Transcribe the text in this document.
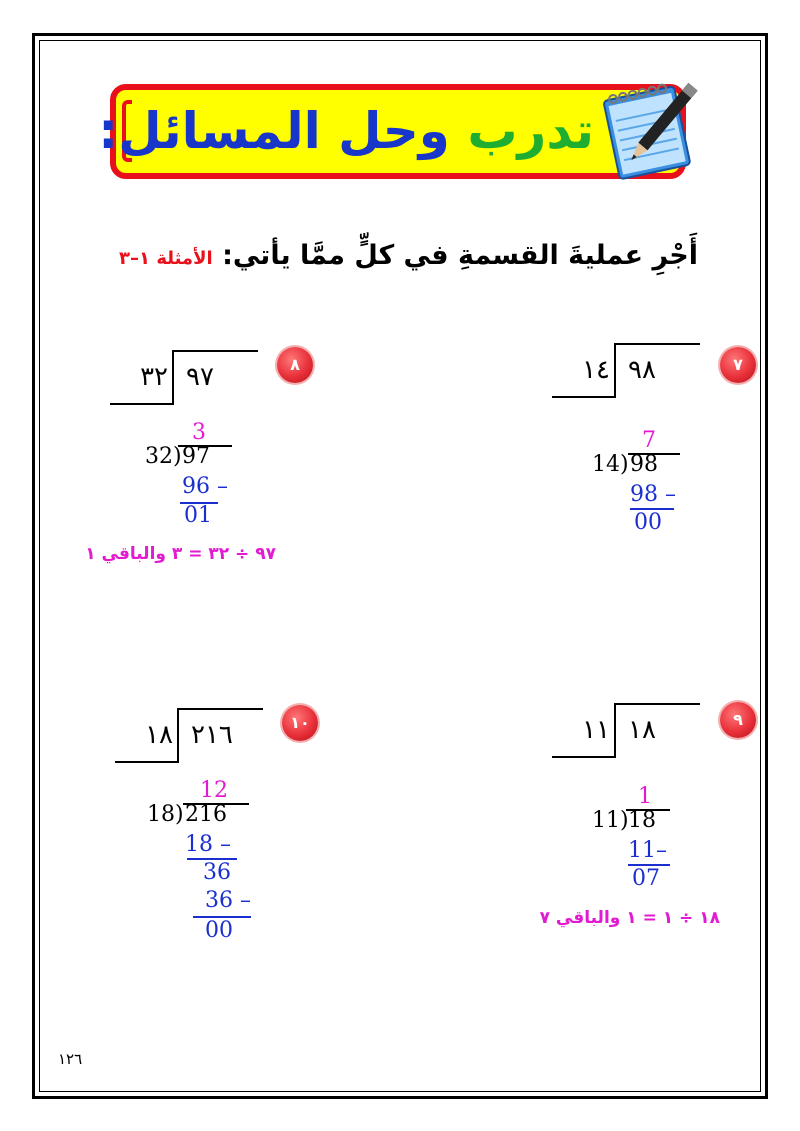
تدرب وحل المسائل:
أَجْرِ عمليةَ القسمةِ في كلٍّ ممَّا يأتي: الأمثلة ١–٣
٨
٣٢ ٩٧
3
32 ) 97
96 –
01
٩٧ ÷ ٣٢ = ٣ والباقي ١
٧
١٤ ٩٨
7
14 ) 98
98 –
00
١٠
١٨ ٢١٦
12
18 ) 216
18 –
36
36 –
00
٩
١١ ١٨
1
11 ) 18
11–
07
١٨ ÷ ١ = ١ والباقي ٧
١٢٦
